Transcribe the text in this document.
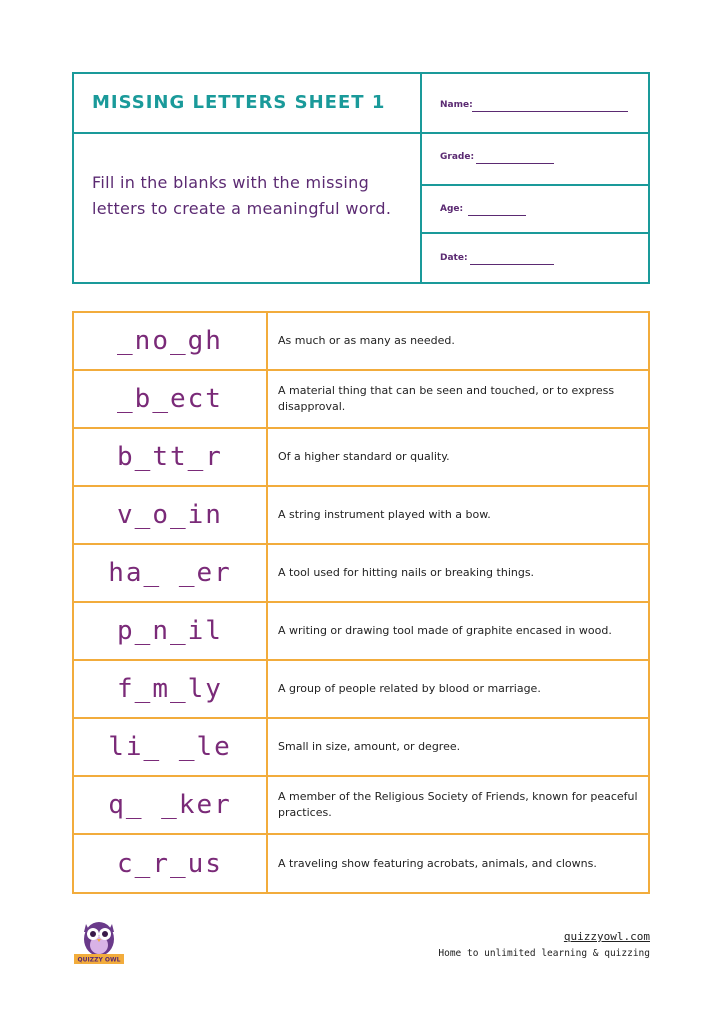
MISSING LETTERS SHEET 1
Fill in the blanks with the missing letters to create a meaningful word.
Name:
Grade:
Age:
Date:
_no_gh	As much or as many as needed.
_b_ect	A material thing that can be seen and touched, or to express disapproval.
b_tt_r	Of a higher standard or quality.
v_o_in	A string instrument played with a bow.
ha_ _er	A tool used for hitting nails or breaking things.
p_n_il	A writing or drawing tool made of graphite encased in wood.
f_m_ly	A group of people related by blood or marriage.
li_ _le	Small in size, amount, or degree.
q_ _ker	A member of the Religious Society of Friends, known for peaceful practices.
c_r_us	A traveling show featuring acrobats, animals, and clowns.
QUIZZY OWL
quizzyowl.com
Home to unlimited learning & quizzing
